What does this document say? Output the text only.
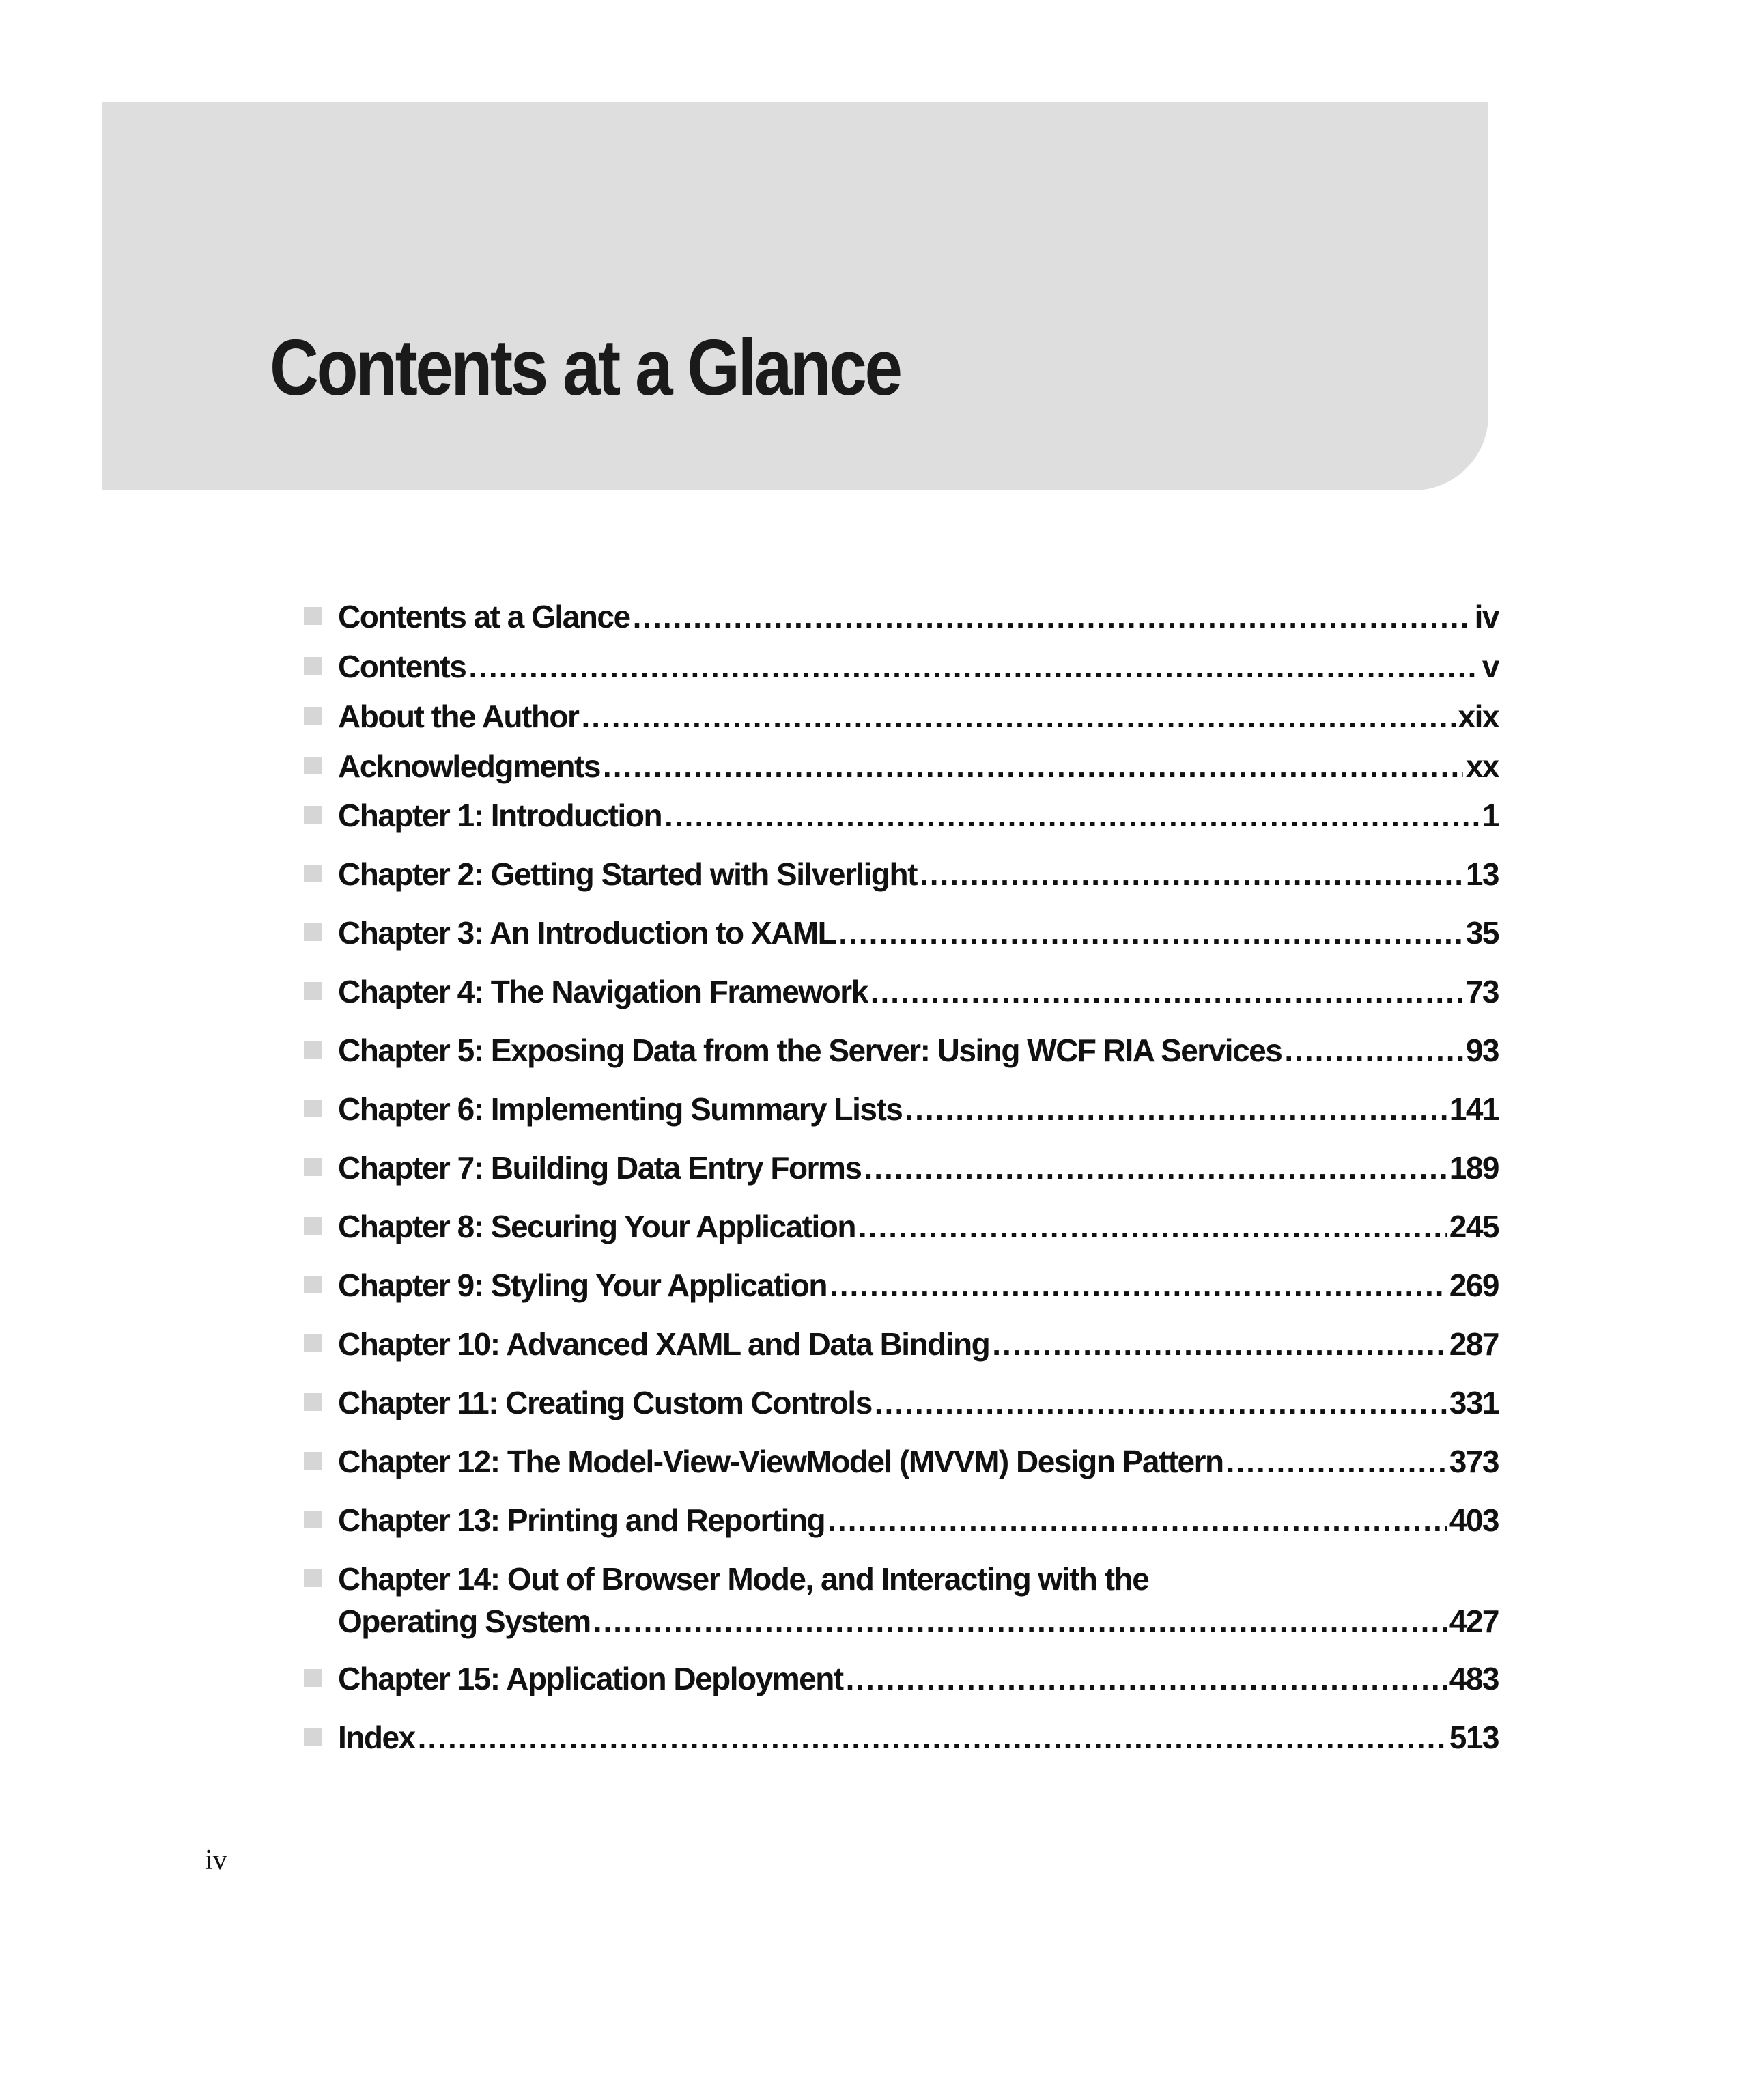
Contents at a Glance
Contents at a Glance .....	iv
Contents .....	v
About the Author .....	xix
Acknowledgments .....	xx
Chapter 1: Introduction .....	1
Chapter 2: Getting Started with Silverlight .....	13
Chapter 3: An Introduction to XAML .....	35
Chapter 4: The Navigation Framework .....	73
Chapter 5: Exposing Data from the Server: Using WCF RIA Services .....	93
Chapter 6: Implementing Summary Lists .....	141
Chapter 7: Building Data Entry Forms .....	189
Chapter 8: Securing Your Application .....	245
Chapter 9: Styling Your Application .....	269
Chapter 10: Advanced XAML and Data Binding .....	287
Chapter 11: Creating Custom Controls .....	331
Chapter 12: The Model-View-ViewModel (MVVM) Design Pattern .....	373
Chapter 13: Printing and Reporting .....	403
Chapter 14: Out of Browser Mode, and Interacting with the
Operating System .....	427
Chapter 15: Application Deployment .....	483
Index .....	513
iv
